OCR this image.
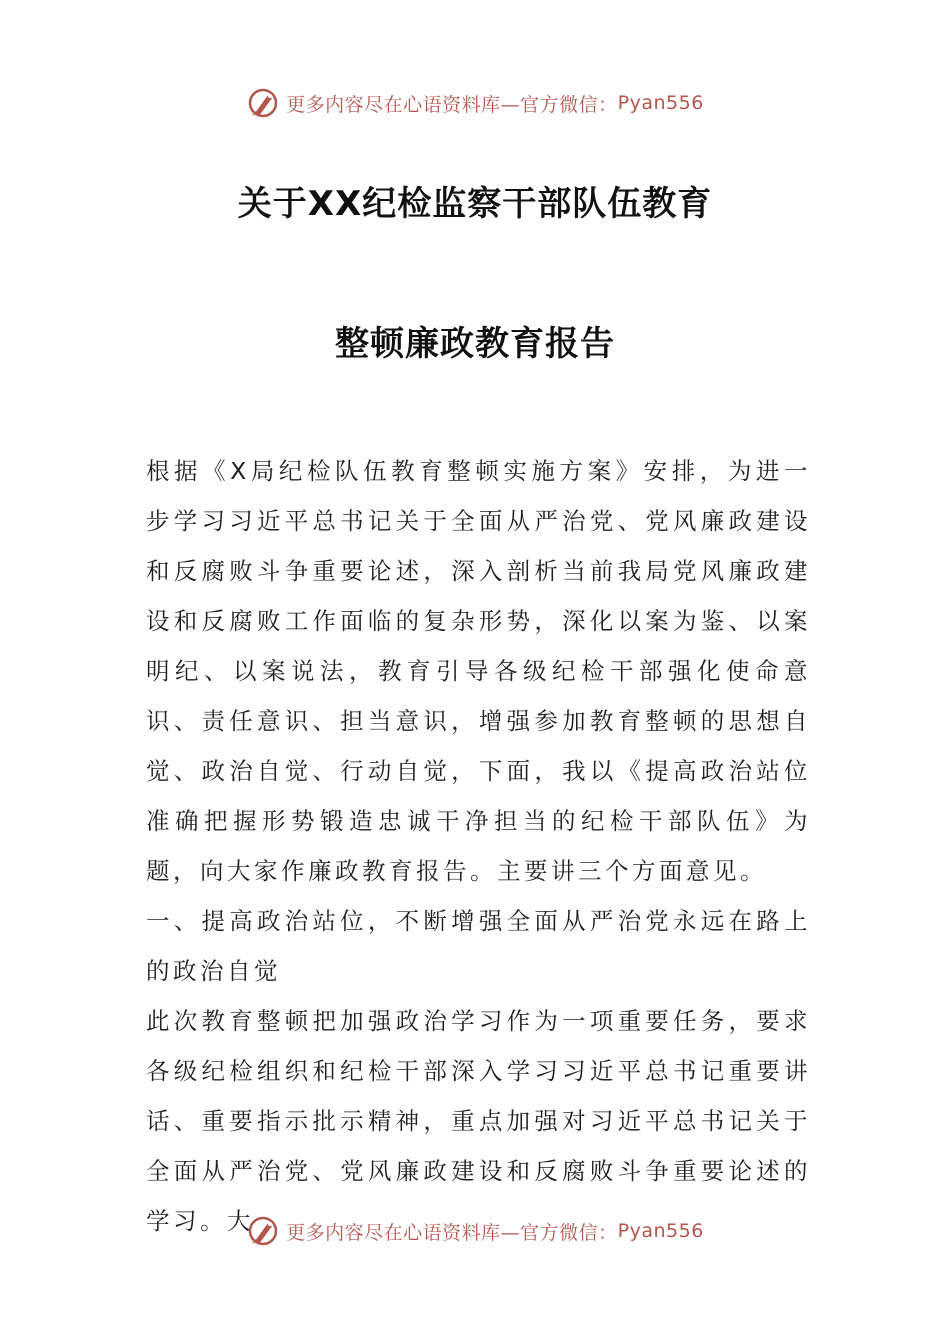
更多内容尽在心语资料库—官方微信： Pyan556
关于XX纪检监察干部队伍教育
整顿廉政教育报告

根据《X局纪检队伍教育整顿实施方案》安排，为进一步学习习近平总书记关于全面从严治党、党风廉政建设和反腐败斗争重要论述，深入剖析当前我局党风廉政建设和反腐败工作面临的复杂形势，深化以案为鉴、以案明纪、以案说法，教育引导各级纪检干部强化使命意识、责任意识、担当意识，增强参加教育整顿的思想自觉、政治自觉、行动自觉，下面，我以《提高政治站位准确把握形势锻造忠诚干净担当的纪检干部队伍》为题，向大家作廉政教育报告。主要讲三个方面意见。

一、提高政治站位，不断增强全面从严治党永远在路上的政治自觉

此次教育整顿把加强政治学习作为一项重要任务，要求各级纪检组织和纪检干部深入学习习近平总书记重要讲话、重要指示批示精神，重点加强对习近平总书记关于全面从严治党、党风廉政建设和反腐败斗争重要论述的学习。大	更多内容尽在心语资料库—官方微信： Pyan556
